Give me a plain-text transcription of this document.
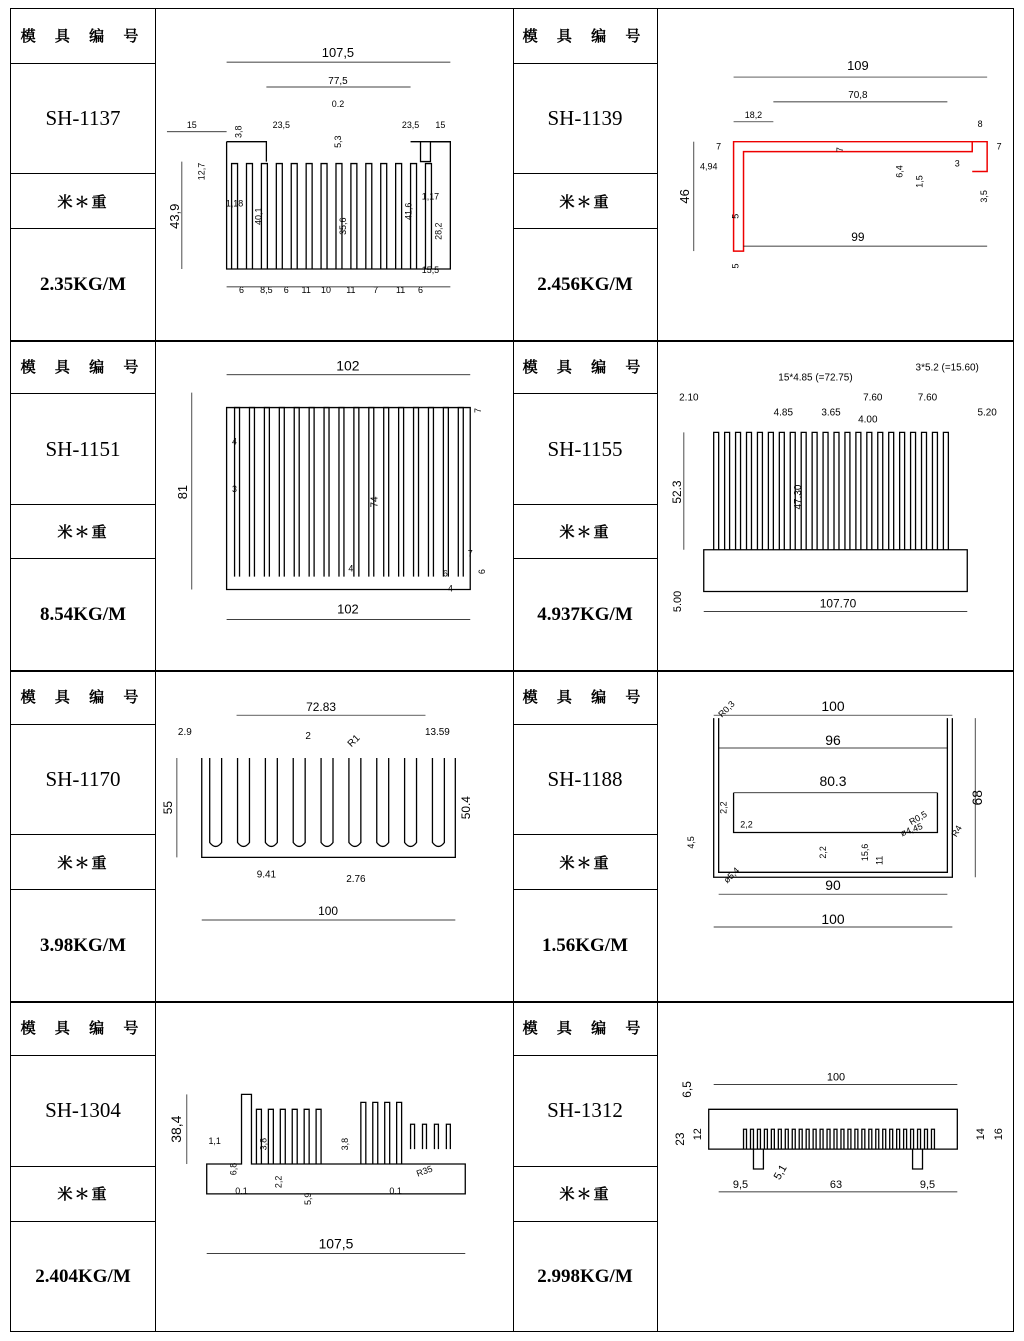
模 具 编 号
SH-1137
米＊重
2.35KG/M
107,5
77,5
0.2
15
3,8
23,5
5,3
23,5 15
12,7
43,9
1,18
40,1
35,6
41,6
1,17
28,2
15,5
6 8,5 6 11 10 11 7 11 6
模 具 编 号
SH-1139
米＊重
2.456KG/M
109
70,8
18,2
8
7	7	7
4,94
46
6,4
1,5
3
3,5
5
99
5
模 具 编 号
SH-1151
米＊重
8.54KG/M
102
7
4
81	3
74
4	6
4
7
6
102
模 具 编 号
SH-1155
米＊重
4.937KG/M
15*4.85 (=72.75)
3*5.2 (=15.60)
2.10
4.85	3.65
7.60
4.00
7.60
5.20
52.3	47.30
5.00	107.70
模 具 编 号
SH-1170
米＊重
3.98KG/M
72.83
2.9	2	R1
13.59
55	50.4
9.41	2.76
100
模 具 编 号
SH-1188
米＊重
1.56KG/M
R0,3	100
96
80.3
68
2,2
R0,5
R4
4,5
2,2	ø4,45
2,2	15,6 11
ø5,4
90
100
模 具 编 号
SH-1304
米＊重
2.404KG/M
38,4	1,1	3,8	3,8
6,8
2,2
5,9
R35
0.1	0.1
107,5
模 具 编 号
SH-1312
米＊重
2.998KG/M
100
6,5
23 12	14 16
5,1
9,5	63	9,5
